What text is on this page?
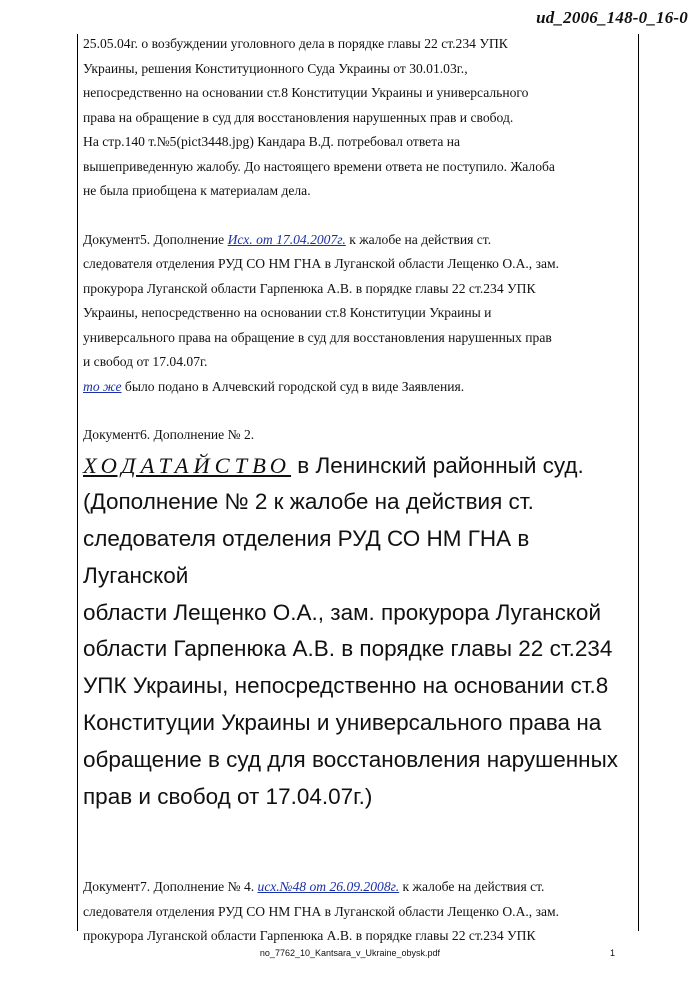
ud_2006_148-0_16-0

25.05.04г. о возбуждении уголовного дела в порядке главы 22 ст.234 УПК

Украины, решения Конституционного Суда Украины от 30.01.03г.,

непосредственно на основании ст.8 Конституции Украины и универсального

права на обращение в суд для восстановления нарушенных прав и свобод.

На стр.140 т.№5(pict3448.jpg) Кандара В.Д. потребовал ответа на

вышеприведенную жалобу. До настоящего времени ответа не поступило. Жалоба

не была приобщена к материалам дела.

Документ5. Дополнение Исх. от 17.04.2007г. к жалобе на действия ст.

следователя отделения РУД СО НМ ГНА в Луганской области Лещенко О.А., зам.

прокурора Луганской области Гарпенюка А.В. в порядке главы 22 ст.234 УПК

Украины, непосредственно на основании ст.8 Конституции Украины и

универсального права на обращение в суд для восстановления нарушенных прав

и свобод от 17.04.07г.

то же было подано в Алчевский городской суд в виде Заявления.

Документ6. Дополнение № 2.

ХОДАТАЙСТВО в Ленинский районный суд.

(Дополнение № 2 к жалобе на действия ст.

следователя отделения РУД СО НМ ГНА в Луганской

области Лещенко О.А., зам. прокурора Луганской

области Гарпенюка А.В. в порядке главы 22 ст.234

УПК Украины, непосредственно на основании ст.8

Конституции Украины и универсального права на

обращение в суд для восстановления нарушенных

прав и свобод от 17.04.07г.)

Документ7. Дополнение № 4. исх.№48 от 26.09.2008г. к жалобе на действия ст.

следователя отделения РУД СО НМ ГНА в Луганской области Лещенко О.А., зам.

прокурора Луганской области Гарпенюка А.В. в порядке главы 22 ст.234 УПК

no_7762_10_Kantsara_v_Ukraine_obysk.pdf	1
